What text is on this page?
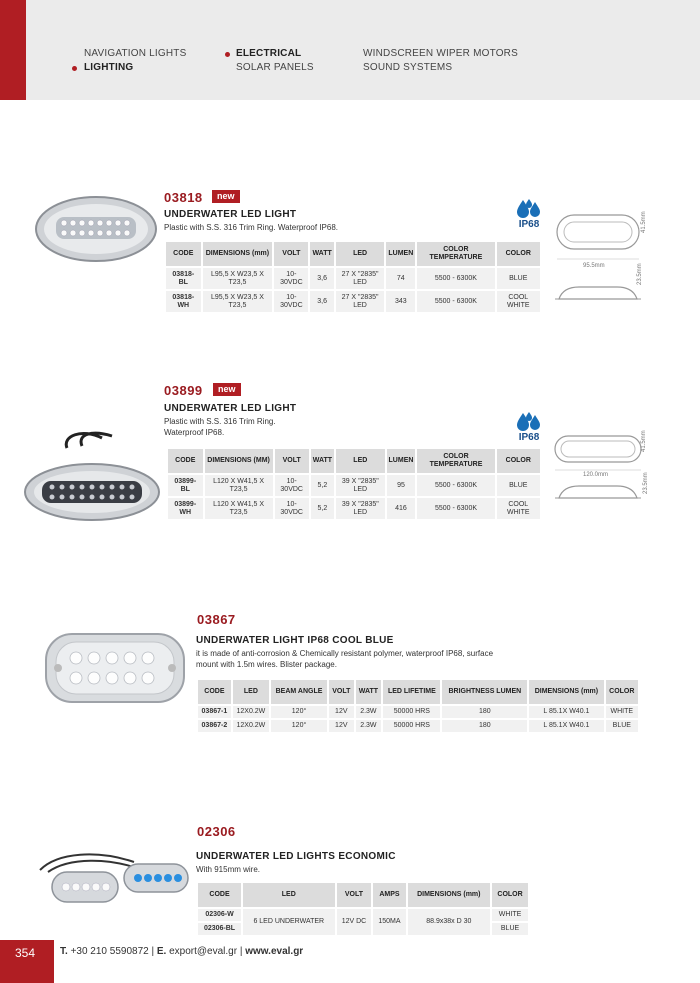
NAVIGATION LIGHTS
LIGHTING
ELECTRICAL
SOLAR PANELS
WINDSCREEN WIPER MOTORS
SOUND SYSTEMS
03818	new
UNDERWATER LED LIGHT
Plastic with S.S. 316 Trim Ring. Waterproof IP68.	IP68
95.5mm
41.5mm
23.5mm
CODE	DIMENSIONS (mm)	VOLT	WATT	LED	LUMEN	COLOR TEMPERATURE	COLOR
03818-BL	L95,5 X W23,5 X T23,5	10-30VDC	3,6	27 X "2835" LED	74	5500 - 6300K	BLUE
03818-WH	L95,5 X W23,5 X T23,5	10-30VDC	3,6	27 X "2835" LED	343	5500 - 6300K	COOL WHITE
03899	new
UNDERWATER LED LIGHT
Plastic with S.S. 316 Trim Ring.
Waterproof IP68.	IP68
120.0mm
41.5mm
23.5mm
CODE	DIMENSIONS (MM)	VOLT	WATT	LED	LUMEN	COLOR TEMPERATURE	COLOR
03899-BL	L120 X W41,5 X T23,5	10-30VDC	5,2	39 X "2835" LED	95	5500 - 6300K	BLUE
03899-WH	L120 X W41,5 X T23,5	10-30VDC	5,2	39 X "2835" LED	416	5500 - 6300K	COOL WHITE
03867
UNDERWATER LIGHT IP68 COOL BLUE
it is made of anti-corrosion & Chemically resistant polymer, waterproof IP68, surface
mount with 1.5m wires. Blister package.
CODE	LED	BEAM ANGLE	VOLT	WATT	LED LIFETIME	BRIGHTNESS LUMEN	DIMENSIONS (mm)	COLOR
03867-1	12X0.2W	120°	12V	2.3W	50000 HRS	180	L 85.1X W40.1	WHITE
03867-2	12X0.2W	120°	12V	2.3W	50000 HRS	180	L 85.1X W40.1	BLUE
02306
UNDERWATER LED LIGHTS ECONOMIC
With 915mm wire.
CODE	LED	VOLT	AMPS	DIMENSIONS (mm)	COLOR
02306-W	6 LED UNDERWATER	12V DC	150MA	88.9x38x D 30	WHITE
02306-BL					BLUE
354 T. +30 210 5590872 | E. export@eval.gr | www.eval.gr
